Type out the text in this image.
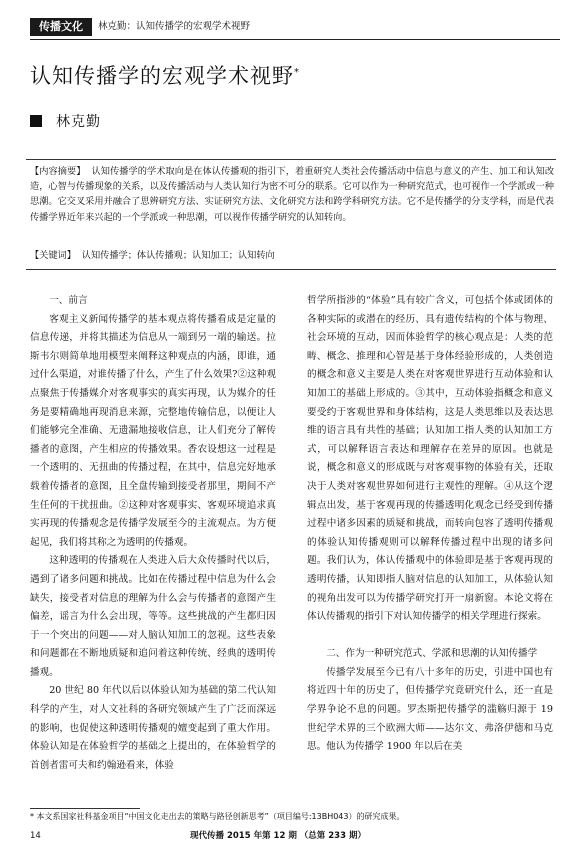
传播文化	林克勤：认知传播学的宏观学术视野
认知传播学的宏观学术视野*
林克勤
【内容摘要】 认知传播学的学术取向是在体认传播观的指引下，着重研究人类社会传播活动中信息与意义的产生、加工和认知改造，心智与传播现象的关系，以及传播活动与人类认知行为密不可分的联系。它可以作为一种研究范式，也可视作一个学派或一种思潮。它交叉采用并融合了思辨研究方法、实证研究方法、文化研究方法和跨学科研究方法。它不是传播学的分支学科，而是代表传播学界近年来兴起的一个学派或一种思潮，可以视作传播学研究的认知转向。
【关键词】 认知传播学；体认传播观；认知加工；认知转向

一、前言

客观主义新闻传播学的基本观点将传播看成是定量的信息传递，并将其描述为信息从一端到另一端的输送。拉斯韦尔则简单地用模型来阐释这种观点的内涵，即谁，通过什么渠道，对谁传播了什么，产生了什么效果?②这种观点聚焦于传播媒介对客观事实的真实再现，认为媒介的任务是要精确地再现消息来源，完整地传输信息，以便让人们能够完全准确、无遗漏地接收信息，让人们充分了解传播者的意图，产生相应的传播效果。香农设想这一过程是一个透明的、无扭曲的传播过程，在其中，信息完好地承载着传播者的意图，且全盘传输到接受者那里，期间不产生任何的干扰扭曲。②这种对客观事实、客观环境追求真实再现的传播观念是传播学发展至今的主流观点。为方便起见，我们将其称之为透明的传播观。

这种透明的传播观在人类进入后大众传播时代以后，遇到了诸多问题和挑战。比如在传播过程中信息为什么会缺失，接受者对信息的理解为什么会与传播者的意图产生偏差，谣言为什么会出现，等等。这些挑战的产生都归因于一个突出的问题——对人脑认知加工的忽视。这些表象和问题都在不断地质疑和追问着这种传统、经典的透明传播观。

20 世纪 80 年代以后以体验认知为基础的第二代认知科学的产生，对人文社科的各研究领域产生了广泛而深远的影响，也促使这种透明传播观的嬗变起到了重大作用。体验认知是在体验哲学的基础之上提出的，在体验哲学的首创者雷可夫和约翰逊看来，体验

哲学所指涉的“体验”具有较广含义，可包括个体或团体的各种实际的或潜在的经历、具有遗传结构的个体与物理、社会环境的互动，因而体验哲学的核心观点是：人类的范畴、概念、推理和心智是基于身体经验形成的，人类创造的概念和意义主要是人类在对客观世界进行互动体验和认知加工的基础上形成的。③其中，互动体验指概念和意义要受约于客观世界和身体结构，这是人类思维以及表达思维的语言具有共性的基础；认知加工指人类的认知加工方式，可以解释语言表达和理解存在差异的原因。也就是说，概念和意义的形成既与对客观事物的体验有关，还取决于人类对客观世界如何进行主观性的理解。④从这个逻辑点出发，基于客观再现的传播透明化观念已经受到传播过程中诸多因素的质疑和挑战，而转向包容了透明传播观的体验认知传播观则可以解释传播过程中出现的诸多问题。我们认为，体认传播观中的体验即是基于客观再现的透明传播，认知即指人脑对信息的认知加工，从体验认知的视角出发可以为传播学研究打开一扇新窗。本论文将在体认传播观的指引下对认知传播学的相关学理进行探索。

二、作为一种研究范式、学派和思潮的认知传播学

传播学发展至今已有八十多年的历史，引进中国也有将近四十年的历史了，但传播学究竟研究什么，还一直是学界争论不息的问题。罗杰斯把传播学的滥觞归源于 19 世纪学术界的三个欧洲大师——达尔文、弗洛伊德和马克思。他认为传播学 1900 年以后在美

* 本文系国家社科基金项目“中国文化走出去的策略与路径创新思考”（项目编号:13BH043）的研究成果。
14	现代传播 2015 年第 12 期 （总第 233 期）
